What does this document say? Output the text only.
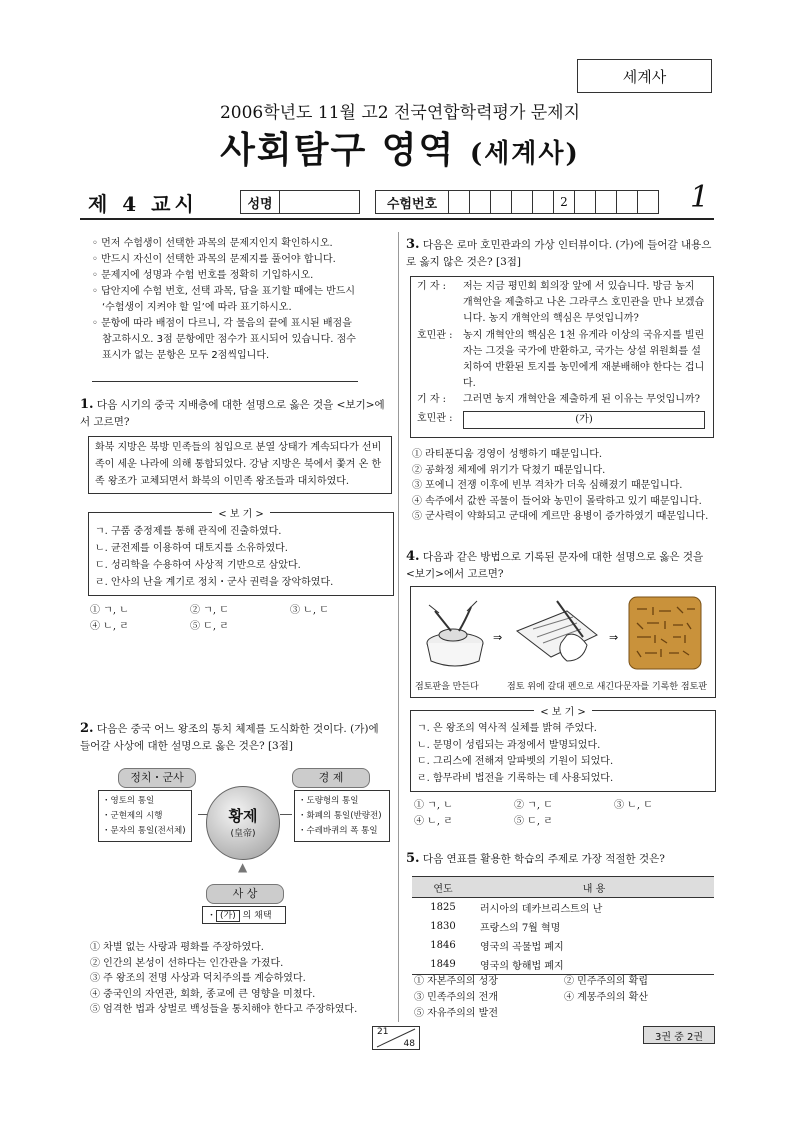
세계사
2006학년도 11월 고2 전국연합학력평가 문제지
사회탐구 영역 (세계사)
제 4 교시	성명	수험번호	2	1
◦ 먼저 수험생이 선택한 과목의 문제지인지 확인하시오.
◦ 반드시 자신이 선택한 과목의 문제지를 풀어야 합니다.
◦ 문제지에 성명과 수험 번호를 정확히 기입하시오.
◦ 답안지에 수험 번호, 선택 과목, 답을 표기할 때에는 반드시 ‘수험생이 지켜야 할 일’에 따라 표기하시오.
◦ 문항에 따라 배점이 다르니, 각 물음의 끝에 표시된 배점을 참고하시오. 3점 문항에만 점수가 표시되어 있습니다. 점수 표시가 없는 문항은 모두 2점씩입니다.
1. 다음 시기의 중국 지배층에 대한 설명으로 옳은 것을 <보기>에서 고르면?
화북 지방은 북방 민족들의 침입으로 분열 상태가 계속되다가 선비족이 세운 나라에 의해 통합되었다. 강남 지방은 북에서 쫓겨 온 한족 왕조가 교체되면서 화북의 이민족 왕조들과 대치하였다.
< 보 기 >
ㄱ. 구품 중정제를 통해 관직에 진출하였다.
ㄴ. 균전제를 이용하여 대토지를 소유하였다.
ㄷ. 성리학을 수용하여 사상적 기반으로 삼았다.
ㄹ. 안사의 난을 계기로 정치・군사 권력을 장악하였다.
① ㄱ, ㄴ	② ㄱ, ㄷ	③ ㄴ, ㄷ
④ ㄴ, ㄹ	⑤ ㄷ, ㄹ
2. 다음은 중국 어느 왕조의 통치 체제를 도식화한 것이다. (가)에 들어갈 사상에 대한 설명으로 옳은 것은? [3점]
정치・군사
・영토의 통일
・군현제의 시행
・문자의 통일(전서체)
황제
(皇帝)
경 제
・도량형의 통일
・화폐의 통일(반량전)
・수레바퀴의 폭 통일
▲
사 상
・ (가) 의 채택
① 차별 없는 사랑과 평화를 주장하였다.
② 인간의 본성이 선하다는 인간관을 가졌다.
③ 주 왕조의 전명 사상과 덕치주의를 계승하였다.
④ 중국인의 자연관, 회화, 종교에 큰 영향을 미쳤다.
⑤ 엄격한 법과 상벌로 백성들을 통치해야 한다고 주장하였다.
3. 다음은 로마 호민관과의 가상 인터뷰이다. (가)에 들어갈 내용으로 옳지 않은 것은? [3점]
기 자 :	저는 지금 평민회 회의장 앞에 서 있습니다. 방금 농지 개혁안을 제출하고 나온 그라쿠스 호민관을 만나 보겠습니다. 농지 개혁안의 핵심은 무엇입니까?
호민관 :	농지 개혁안의 핵심은 1천 유게라 이상의 국유지를 빌린 자는 그것을 국가에 반환하고, 국가는 상설 위원회를 설치하여 반환된 토지를 농민에게 재분배해야 한다는 겁니다.
기 자 :	그러면 농지 개혁안을 제출하게 된 이유는 무엇입니까?
호민관 :	(가)
① 라티푼디움 경영이 성행하기 때문입니다.
② 공화정 체제에 위기가 닥쳤기 때문입니다.
③ 포에니 전쟁 이후에 빈부 격차가 더욱 심해졌기 때문입니다.
④ 속주에서 값싼 곡물이 들어와 농민이 몰락하고 있기 때문입니다.
⑤ 군사력이 약화되고 군대에 게르만 용병이 증가하였기 때문입니다.
4. 다음과 같은 방법으로 기록된 문자에 대한 설명으로 옳은 것을 <보기>에서 고르면?
⇒	⇒
점토판을 만든다	점토 위에 갈대 펜으로 새긴다 문자를 기록한 점토판
< 보 기 >
ㄱ. 은 왕조의 역사적 실체를 밝혀 주었다.
ㄴ. 문명이 성립되는 과정에서 발명되었다.
ㄷ. 그리스에 전해져 알파벳의 기원이 되었다.
ㄹ. 함무라비 법전을 기록하는 데 사용되었다.
① ㄱ, ㄴ	② ㄱ, ㄷ	③ ㄴ, ㄷ
④ ㄴ, ㄹ	⑤ ㄷ, ㄹ
5. 다음 연표를 활용한 학습의 주제로 가장 적절한 것은?
연도	내 용
1825	러시아의 데카브리스트의 난
1830	프랑스의 7월 혁명
1846	영국의 곡물법 폐지
1849	영국의 항해법 폐지
① 자본주의의 성장	② 민주주의의 확립
③ 민족주의의 전개	④ 계몽주의의 확산
⑤ 자유주의의 발전
21
48
3권 중 2권
